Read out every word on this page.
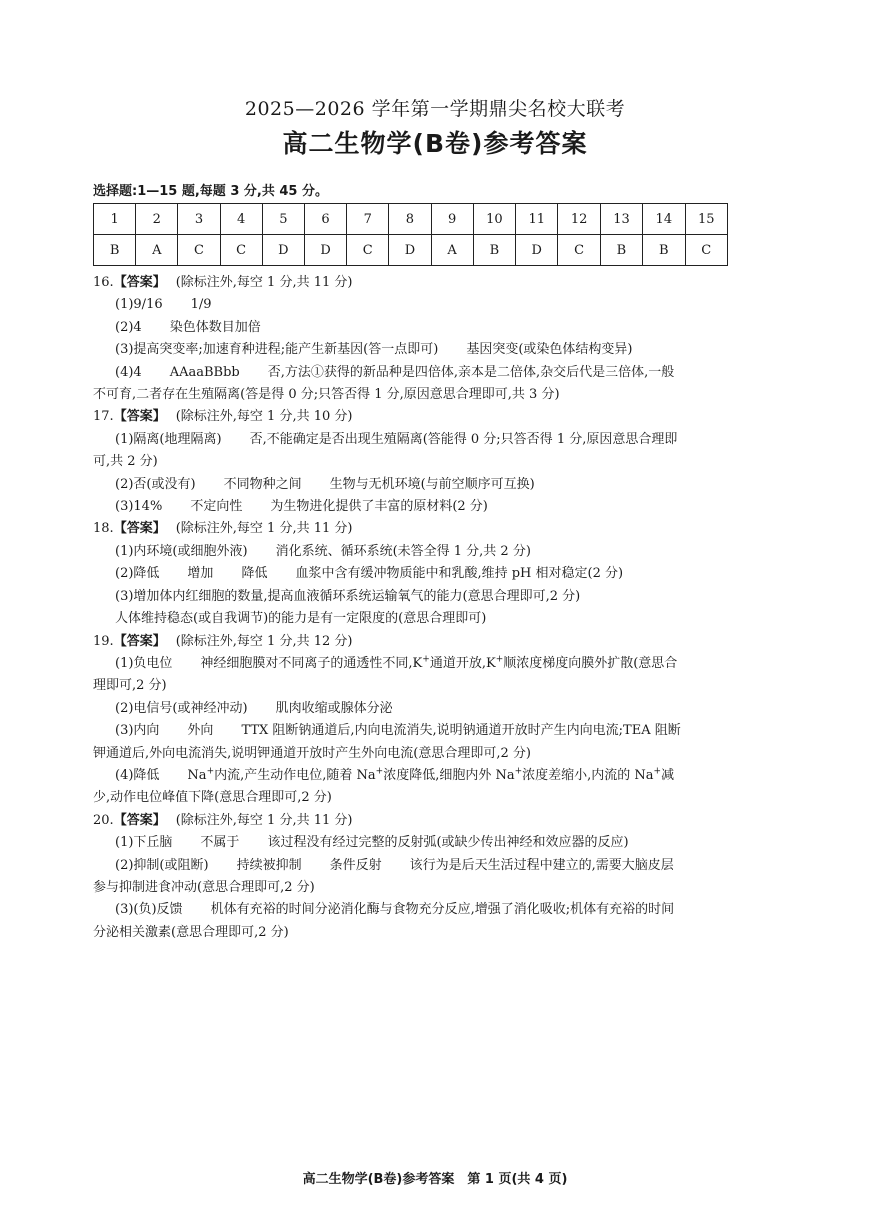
2025—2026 学年第一学期鼎尖名校大联考
高二生物学(B卷)参考答案
选择题:1—15 题,每题 3 分,共 45 分。
1	2	3	4	5	6	7	8	9	10	11	12	13	14	15
B	A	C	C	D	D	C	D	A	B	D	C	B	B	C

16.【答案】 (除标注外,每空 1 分,共 11 分)

(1)9/16 1/9

(2)4 染色体数目加倍

(3)提高突变率;加速育种进程;能产生新基因(答一点即可) 基因突变(或染色体结构变异)

(4)4 AAaaBBbb 否,方法①获得的新品种是四倍体,亲本是二倍体,杂交后代是三倍体,一般

不可育,二者存在生殖隔离(答是得 0 分;只答否得 1 分,原因意思合理即可,共 3 分)

17.【答案】 (除标注外,每空 1 分,共 10 分)

(1)隔离(地理隔离) 否,不能确定是否出现生殖隔离(答能得 0 分;只答否得 1 分,原因意思合理即

可,共 2 分)

(2)否(或没有) 不同物种之间 生物与无机环境(与前空顺序可互换)

(3)14% 不定向性 为生物进化提供了丰富的原材料(2 分)

18.【答案】 (除标注外,每空 1 分,共 11 分)

(1)内环境(或细胞外液) 消化系统、循环系统(未答全得 1 分,共 2 分)

(2)降低 增加 降低 血浆中含有缓冲物质能中和乳酸,维持 pH 相对稳定(2 分)

(3)增加体内红细胞的数量,提高血液循环系统运输氧气的能力(意思合理即可,2 分)

人体维持稳态(或自我调节)的能力是有一定限度的(意思合理即可)

19.【答案】 (除标注外,每空 1 分,共 12 分)

(1)负电位 神经细胞膜对不同离子的通透性不同,K+通道开放,K+顺浓度梯度向膜外扩散(意思合

理即可,2 分)

(2)电信号(或神经冲动) 肌肉收缩或腺体分泌

(3)内向 外向 TTX 阻断钠通道后,内向电流消失,说明钠通道开放时产生内向电流;TEA 阻断

钾通道后,外向电流消失,说明钾通道开放时产生外向电流(意思合理即可,2 分)

(4)降低 Na+内流,产生动作电位,随着 Na+浓度降低,细胞内外 Na+浓度差缩小,内流的 Na+减

少,动作电位峰值下降(意思合理即可,2 分)

20.【答案】 (除标注外,每空 1 分,共 11 分)

(1)下丘脑 不属于 该过程没有经过完整的反射弧(或缺少传出神经和效应器的反应)

(2)抑制(或阻断) 持续被抑制 条件反射 该行为是后天生活过程中建立的,需要大脑皮层

参与抑制进食冲动(意思合理即可,2 分)

(3)(负)反馈 机体有充裕的时间分泌消化酶与食物充分反应,增强了消化吸收;机体有充裕的时间

分泌相关激素(意思合理即可,2 分)

高二生物学(B卷)参考答案　第 1 页(共 4 页)
